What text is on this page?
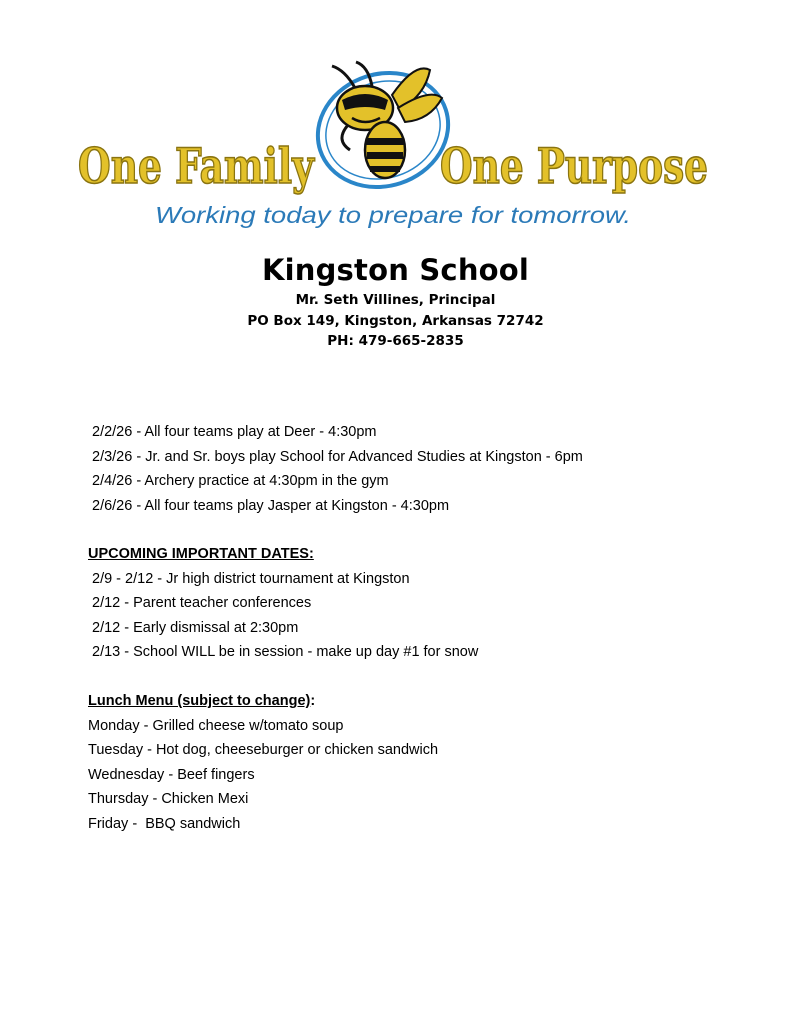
One Family	One Purpose
Working today to prepare for tomorrow.
Kingston School

Mr. Seth Villines, Principal

PO Box 149, Kingston, Arkansas 72742

PH: 479-665-2835

2/2/26 - All four teams play at Deer - 4:30pm

2/3/26 - Jr. and Sr. boys play School for Advanced Studies at Kingston - 6pm

2/4/26 - Archery practice at 4:30pm in the gym

2/6/26 - All four teams play Jasper at Kingston - 4:30pm

UPCOMING IMPORTANT DATES:

2/9 - 2/12 - Jr high district tournament at Kingston

2/12 - Parent teacher conferences

2/12 - Early dismissal at 2:30pm

2/13 - School WILL be in session - make up day #1 for snow

Lunch Menu (subject to change):

Monday - Grilled cheese w/tomato soup

Tuesday - Hot dog, cheeseburger or chicken sandwich

Wednesday - Beef fingers

Thursday - Chicken Mexi

Friday -  BBQ sandwich
